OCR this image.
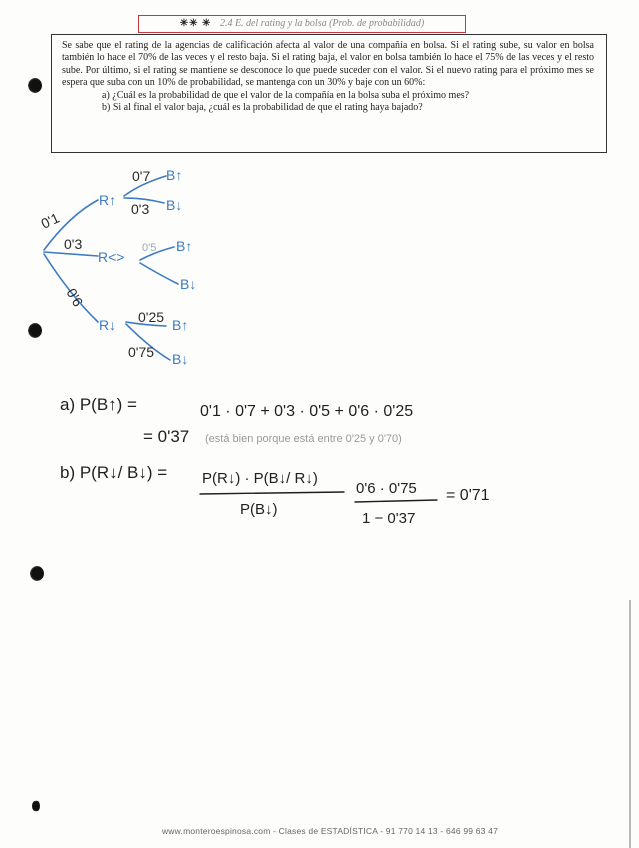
✳✳ ✳ 2.4 E. del rating y la bolsa (Prob. de probabilidad)
Se sabe que el rating de la agencias de calificación afecta al valor de una compañía en bolsa. Si el rating sube, su valor en bolsa también lo hace el 70% de las veces y el resto baja. Si el rating baja, el valor en bolsa también lo hace el 75% de las veces y el resto sube. Por último, si el rating se mantiene se desconoce lo que puede suceder con el valor. Si el nuevo rating para el próximo mes se espera que suba con un 10% de probabilidad, se mantenga con un 30% y baje con un 60%:
a) ¿Cuál es la probabilidad de que el valor de la compañía en la bolsa suba el próximo mes?
b) Si al final el valor baja, ¿cuál es la probabilidad de que el rating haya bajado?
0'1
0'3
0'6
0'7
0'3
0'25
0'75
0'5
R↑
R<>
R↓
B↑
B↓
B↑
B↓
B↑
B↓
a) P(B↑) =	0'1 · 0'7 + 0'3 · 0'5 + 0'6 · 0'25
= 0'37
b) P(R↓/ B↓) = P(R↓) · P(B↓/ R↓)
P(B↓)
0'6 · 0'75
1 − 0'37
= 0'71
(está bien porque está entre 0'25 y 0'70)
www.monteroespinosa.com - Clases de ESTADÍSTICA - 91 770 14 13 - 646 99 63 47
